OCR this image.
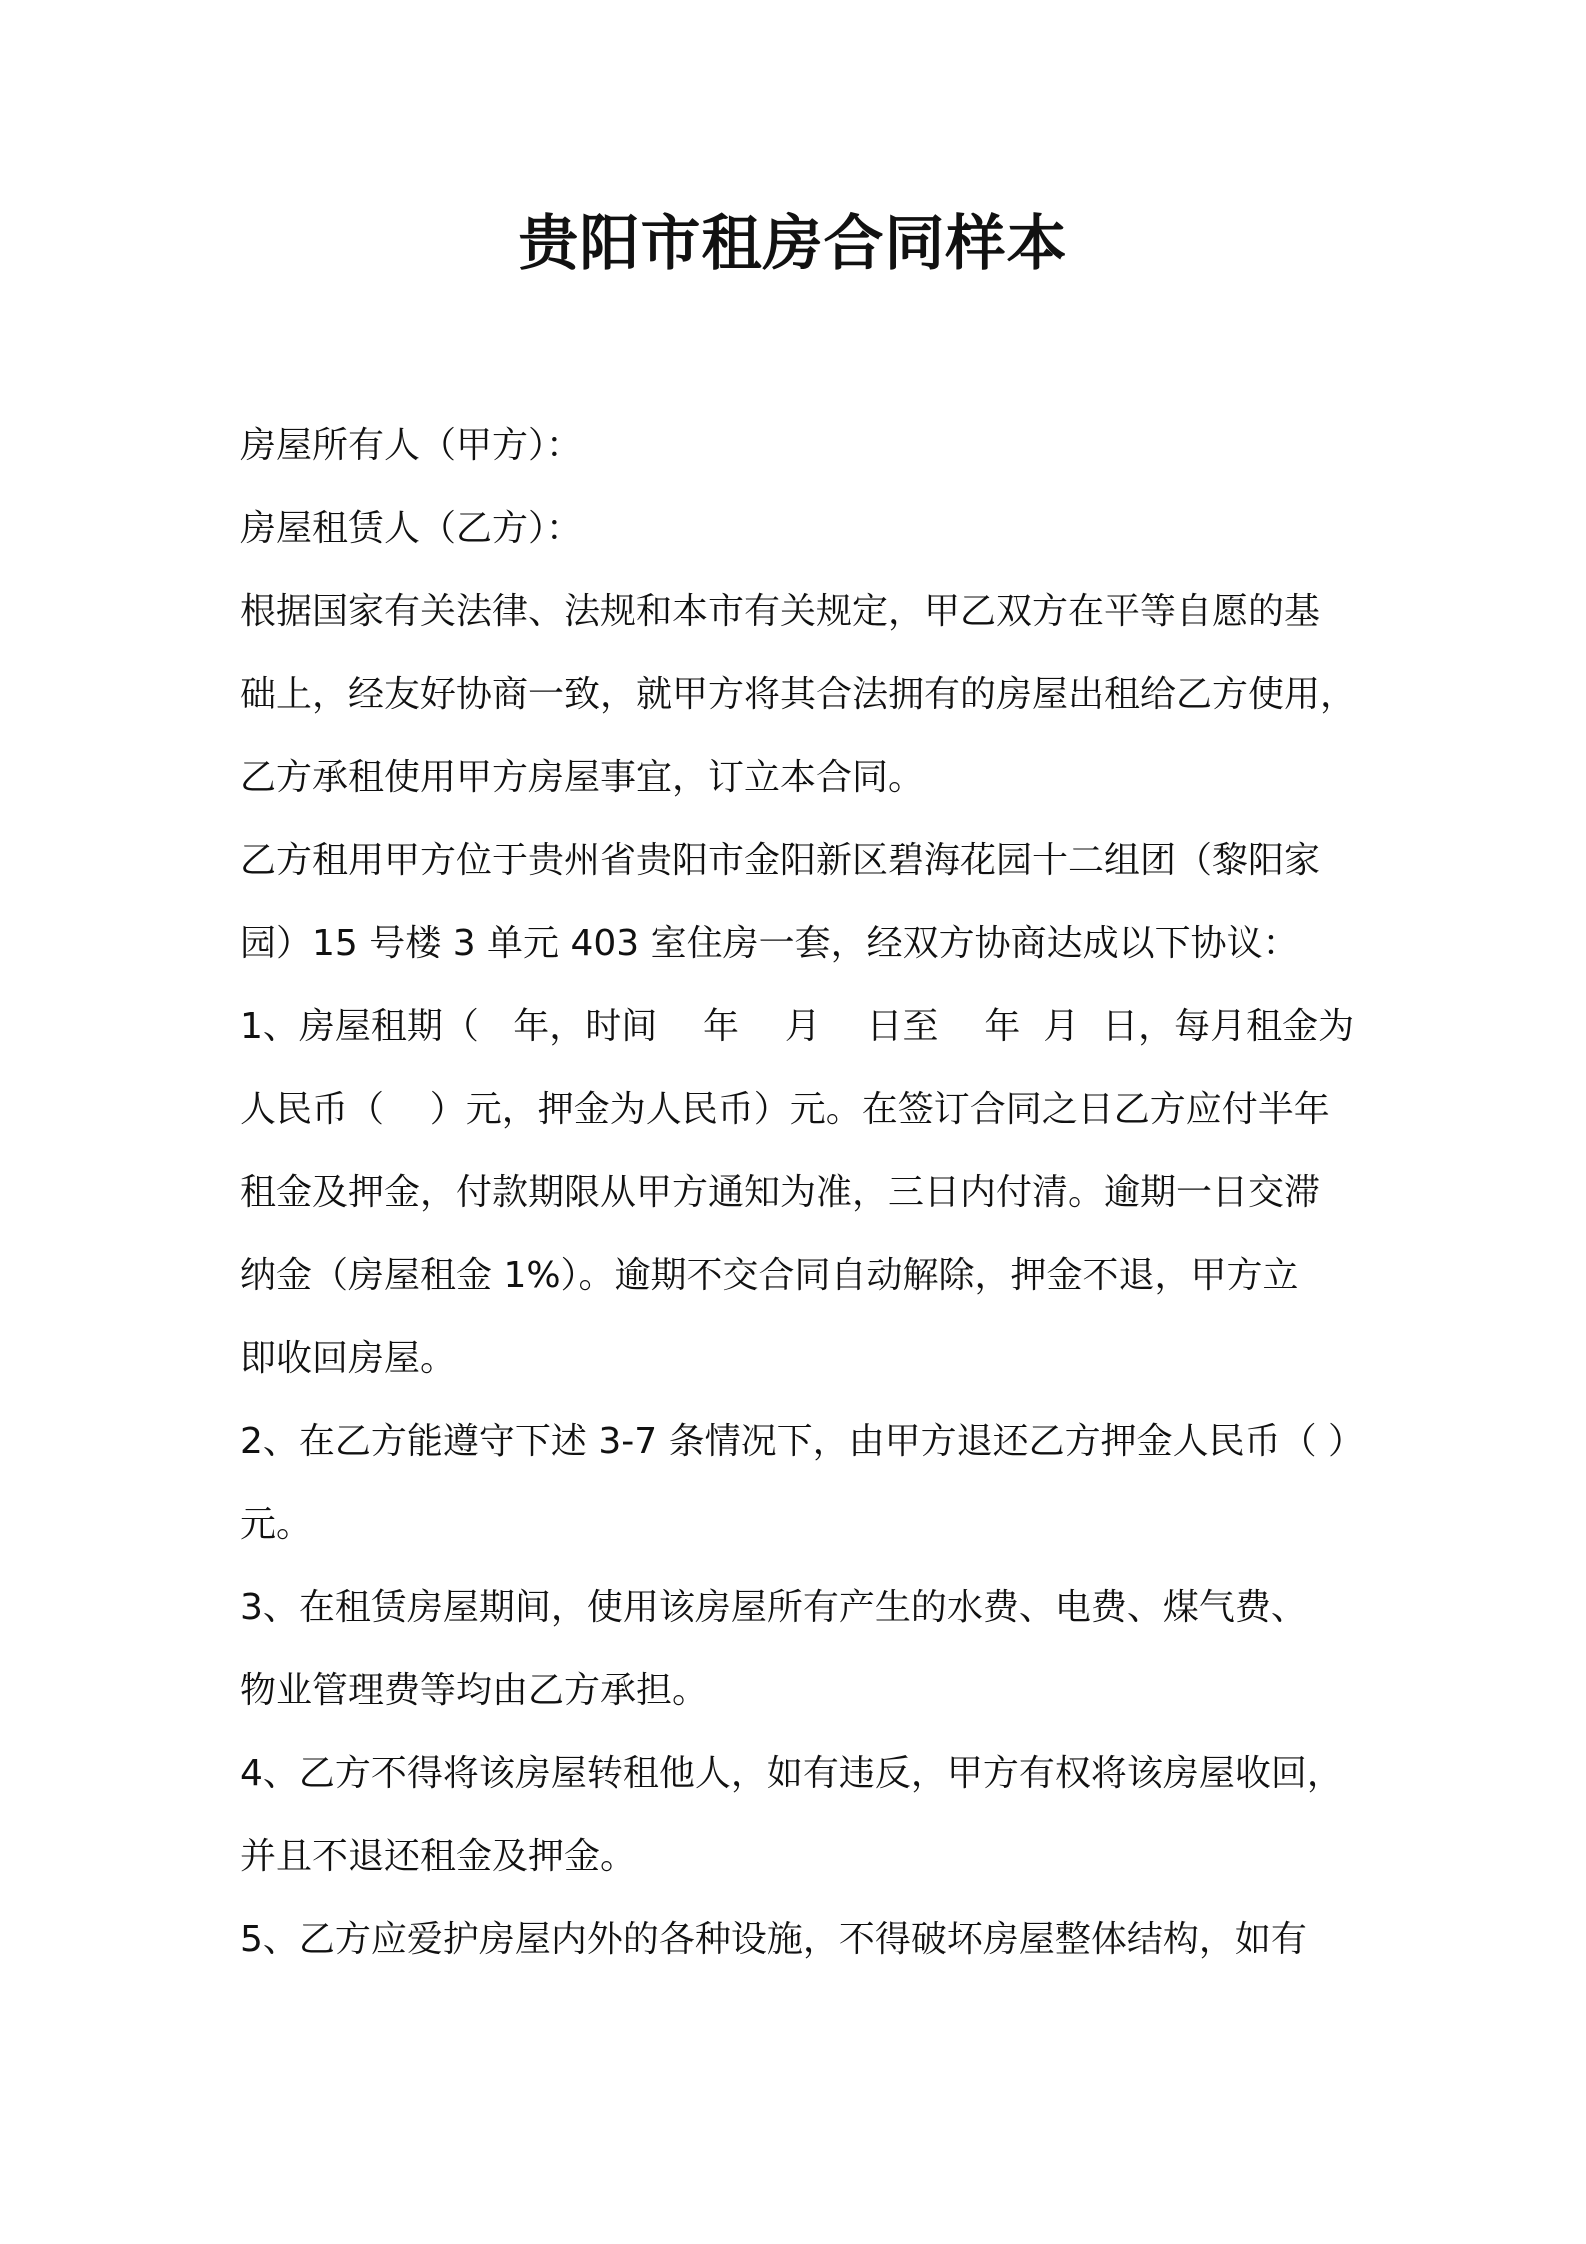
贵阳市租房合同样本
房屋所有人（甲方）：
房屋租赁人（乙方）：
根据国家有关法律、法规和本市有关规定，甲乙双方在平等自愿的基
础上，经友好协商一致，就甲方将其合法拥有的房屋出租给乙方使用，
乙方承租使用甲方房屋事宜，订立本合同。
乙方租用甲方位于贵州省贵阳市金阳新区碧海花园十二组团（黎阳家
园）15 号楼 3 单元 403 室住房一套，经双方协商达成以下协议：
1、房屋租期（   年，时间    年    月    日至    年  月  日，每月租金为
人民币（    ）元，押金为人民币）元。在签订合同之日乙方应付半年
租金及押金，付款期限从甲方通知为准，三日内付清。逾期一日交滞
纳金（房屋租金 1%）。逾期不交合同自动解除，押金不退，甲方立
即收回房屋。
2、在乙方能遵守下述 3-7 条情况下，由甲方退还乙方押金人民币（ ）
元。
3、在租赁房屋期间，使用该房屋所有产生的水费、电费、煤气费、
物业管理费等均由乙方承担。
4、乙方不得将该房屋转租他人，如有违反，甲方有权将该房屋收回，
并且不退还租金及押金。
5、乙方应爱护房屋内外的各种设施，不得破坏房屋整体结构，如有
